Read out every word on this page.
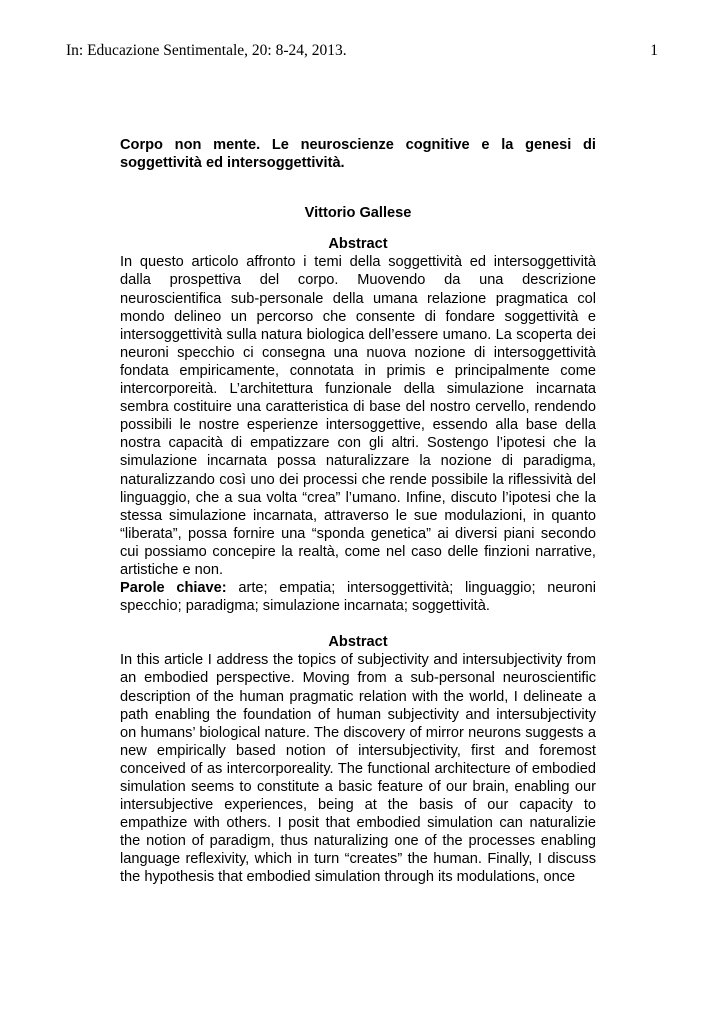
In: Educazione Sentimentale, 20: 8-24, 2013.	1

Corpo non mente. Le neuroscienze cognitive e la genesi di soggettività ed intersoggettività.

Vittorio Gallese

Abstract

In questo articolo affronto i temi della soggettività ed intersoggettività dalla prospettiva del corpo. Muovendo da una descrizione neuroscientifica sub-personale della umana relazione pragmatica col mondo delineo un percorso che consente di fondare soggettività e intersoggettività sulla natura biologica dell’essere umano. La scoperta dei neuroni specchio ci consegna una nuova nozione di intersoggettività fondata empiricamente, connotata in primis e principalmente come intercorporeità. L’architettura funzionale della simulazione incarnata sembra costituire una caratteristica di base del nostro cervello, rendendo possibili le nostre esperienze intersoggettive, essendo alla base della nostra capacità di empatizzare con gli altri. Sostengo l’ipotesi che la simulazione incarnata possa naturalizzare la nozione di paradigma, naturalizzando così uno dei processi che rende possibile la riflessività del linguaggio, che a sua volta “crea” l’umano. Infine, discuto l’ipotesi che la stessa simulazione incarnata, attraverso le sue modulazioni, in quanto “liberata”, possa fornire una “sponda genetica” ai diversi piani secondo cui possiamo concepire la realtà, come nel caso delle finzioni narrative, artistiche e non.

Parole chiave: arte; empatia; intersoggettività; linguaggio; neuroni specchio; paradigma; simulazione incarnata; soggettività.

Abstract

In this article I address the topics of subjectivity and intersubjectivity from an embodied perspective. Moving from a sub-personal neuroscientific description of the human pragmatic relation with the world, I delineate a path enabling the foundation of human subjectivity and intersubjectivity on humans’ biological nature. The discovery of mirror neurons suggests a new empirically based notion of intersubjectivity, first and foremost conceived of as intercorporeality. The functional architecture of embodied simulation seems to constitute a basic feature of our brain, enabling our intersubjective experiences, being at the basis of our capacity to empathize with others. I posit that embodied simulation can naturalizie the notion of paradigm, thus naturalizing one of the processes enabling language reflexivity, which in turn “creates” the human. Finally, I discuss the hypothesis that embodied simulation through its modulations, once
